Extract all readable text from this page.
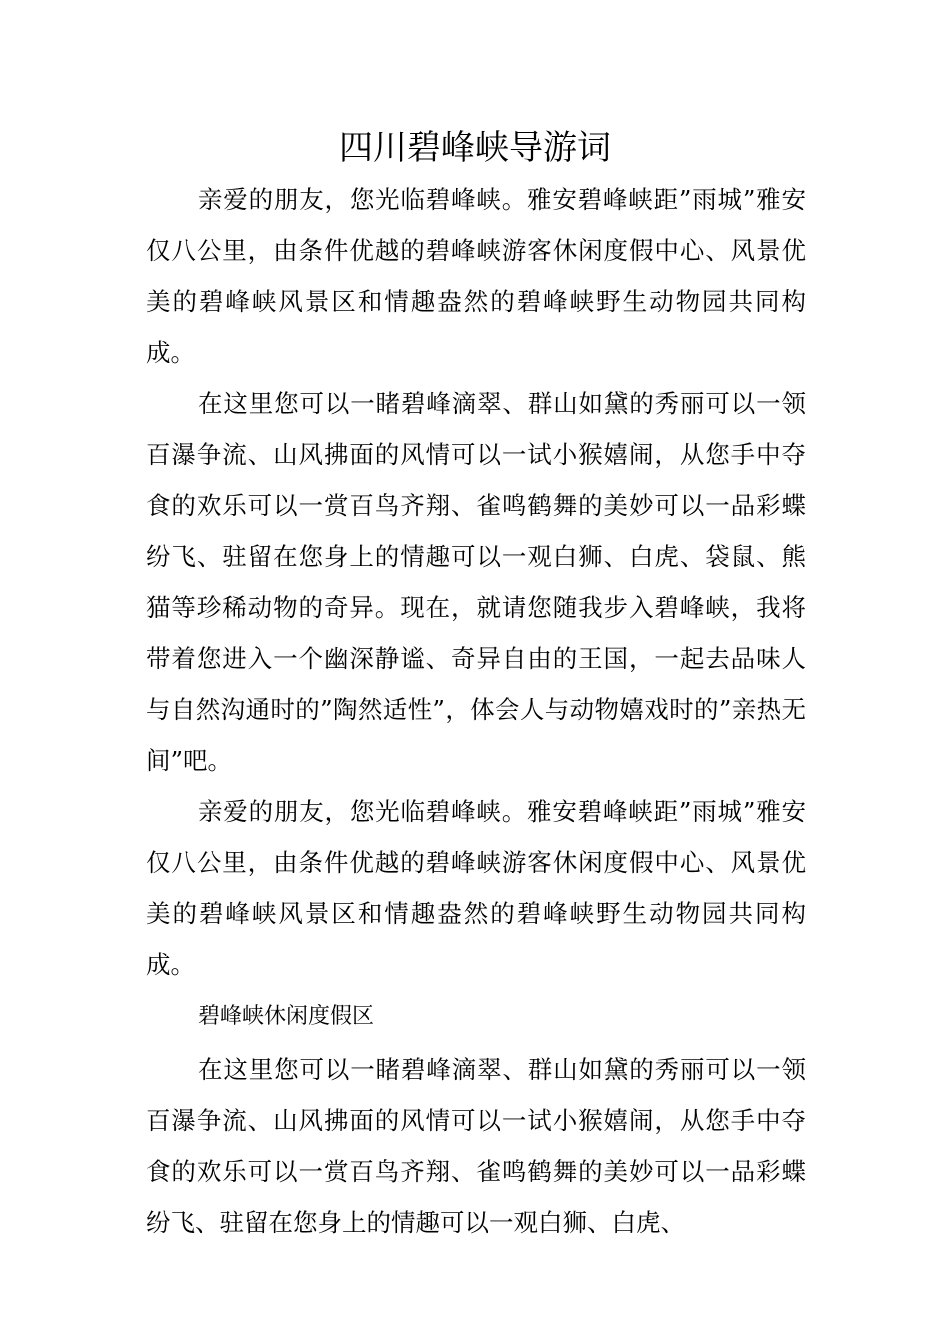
四川碧峰峡导游词

亲爱的朋友，您光临碧峰峡。雅安碧峰峡距”雨城”雅安仅八公里，由条件优越的碧峰峡游客休闲度假中心、风景优美的碧峰峡风景区和情趣盎然的碧峰峡野生动物园共同构成。

在这里您可以一睹碧峰滴翠、群山如黛的秀丽可以一领百瀑争流、山风拂面的风情可以一试小猴嬉闹，从您手中夺食的欢乐可以一赏百鸟齐翔、雀鸣鹤舞的美妙可以一品彩蝶纷飞、驻留在您身上的情趣可以一观白狮、白虎、袋鼠、熊猫等珍稀动物的奇异。现在，就请您随我步入碧峰峡，我将带着您进入一个幽深静谧、奇异自由的王国，一起去品味人与自然沟通时的”陶然适性”，体会人与动物嬉戏时的”亲热无间”吧。

亲爱的朋友，您光临碧峰峡。雅安碧峰峡距”雨城”雅安仅八公里，由条件优越的碧峰峡游客休闲度假中心、风景优美的碧峰峡风景区和情趣盎然的碧峰峡野生动物园共同构成。

碧峰峡休闲度假区

在这里您可以一睹碧峰滴翠、群山如黛的秀丽可以一领百瀑争流、山风拂面的风情可以一试小猴嬉闹，从您手中夺食的欢乐可以一赏百鸟齐翔、雀鸣鹤舞的美妙可以一品彩蝶纷飞、驻留在您身上的情趣可以一观白狮、白虎、
